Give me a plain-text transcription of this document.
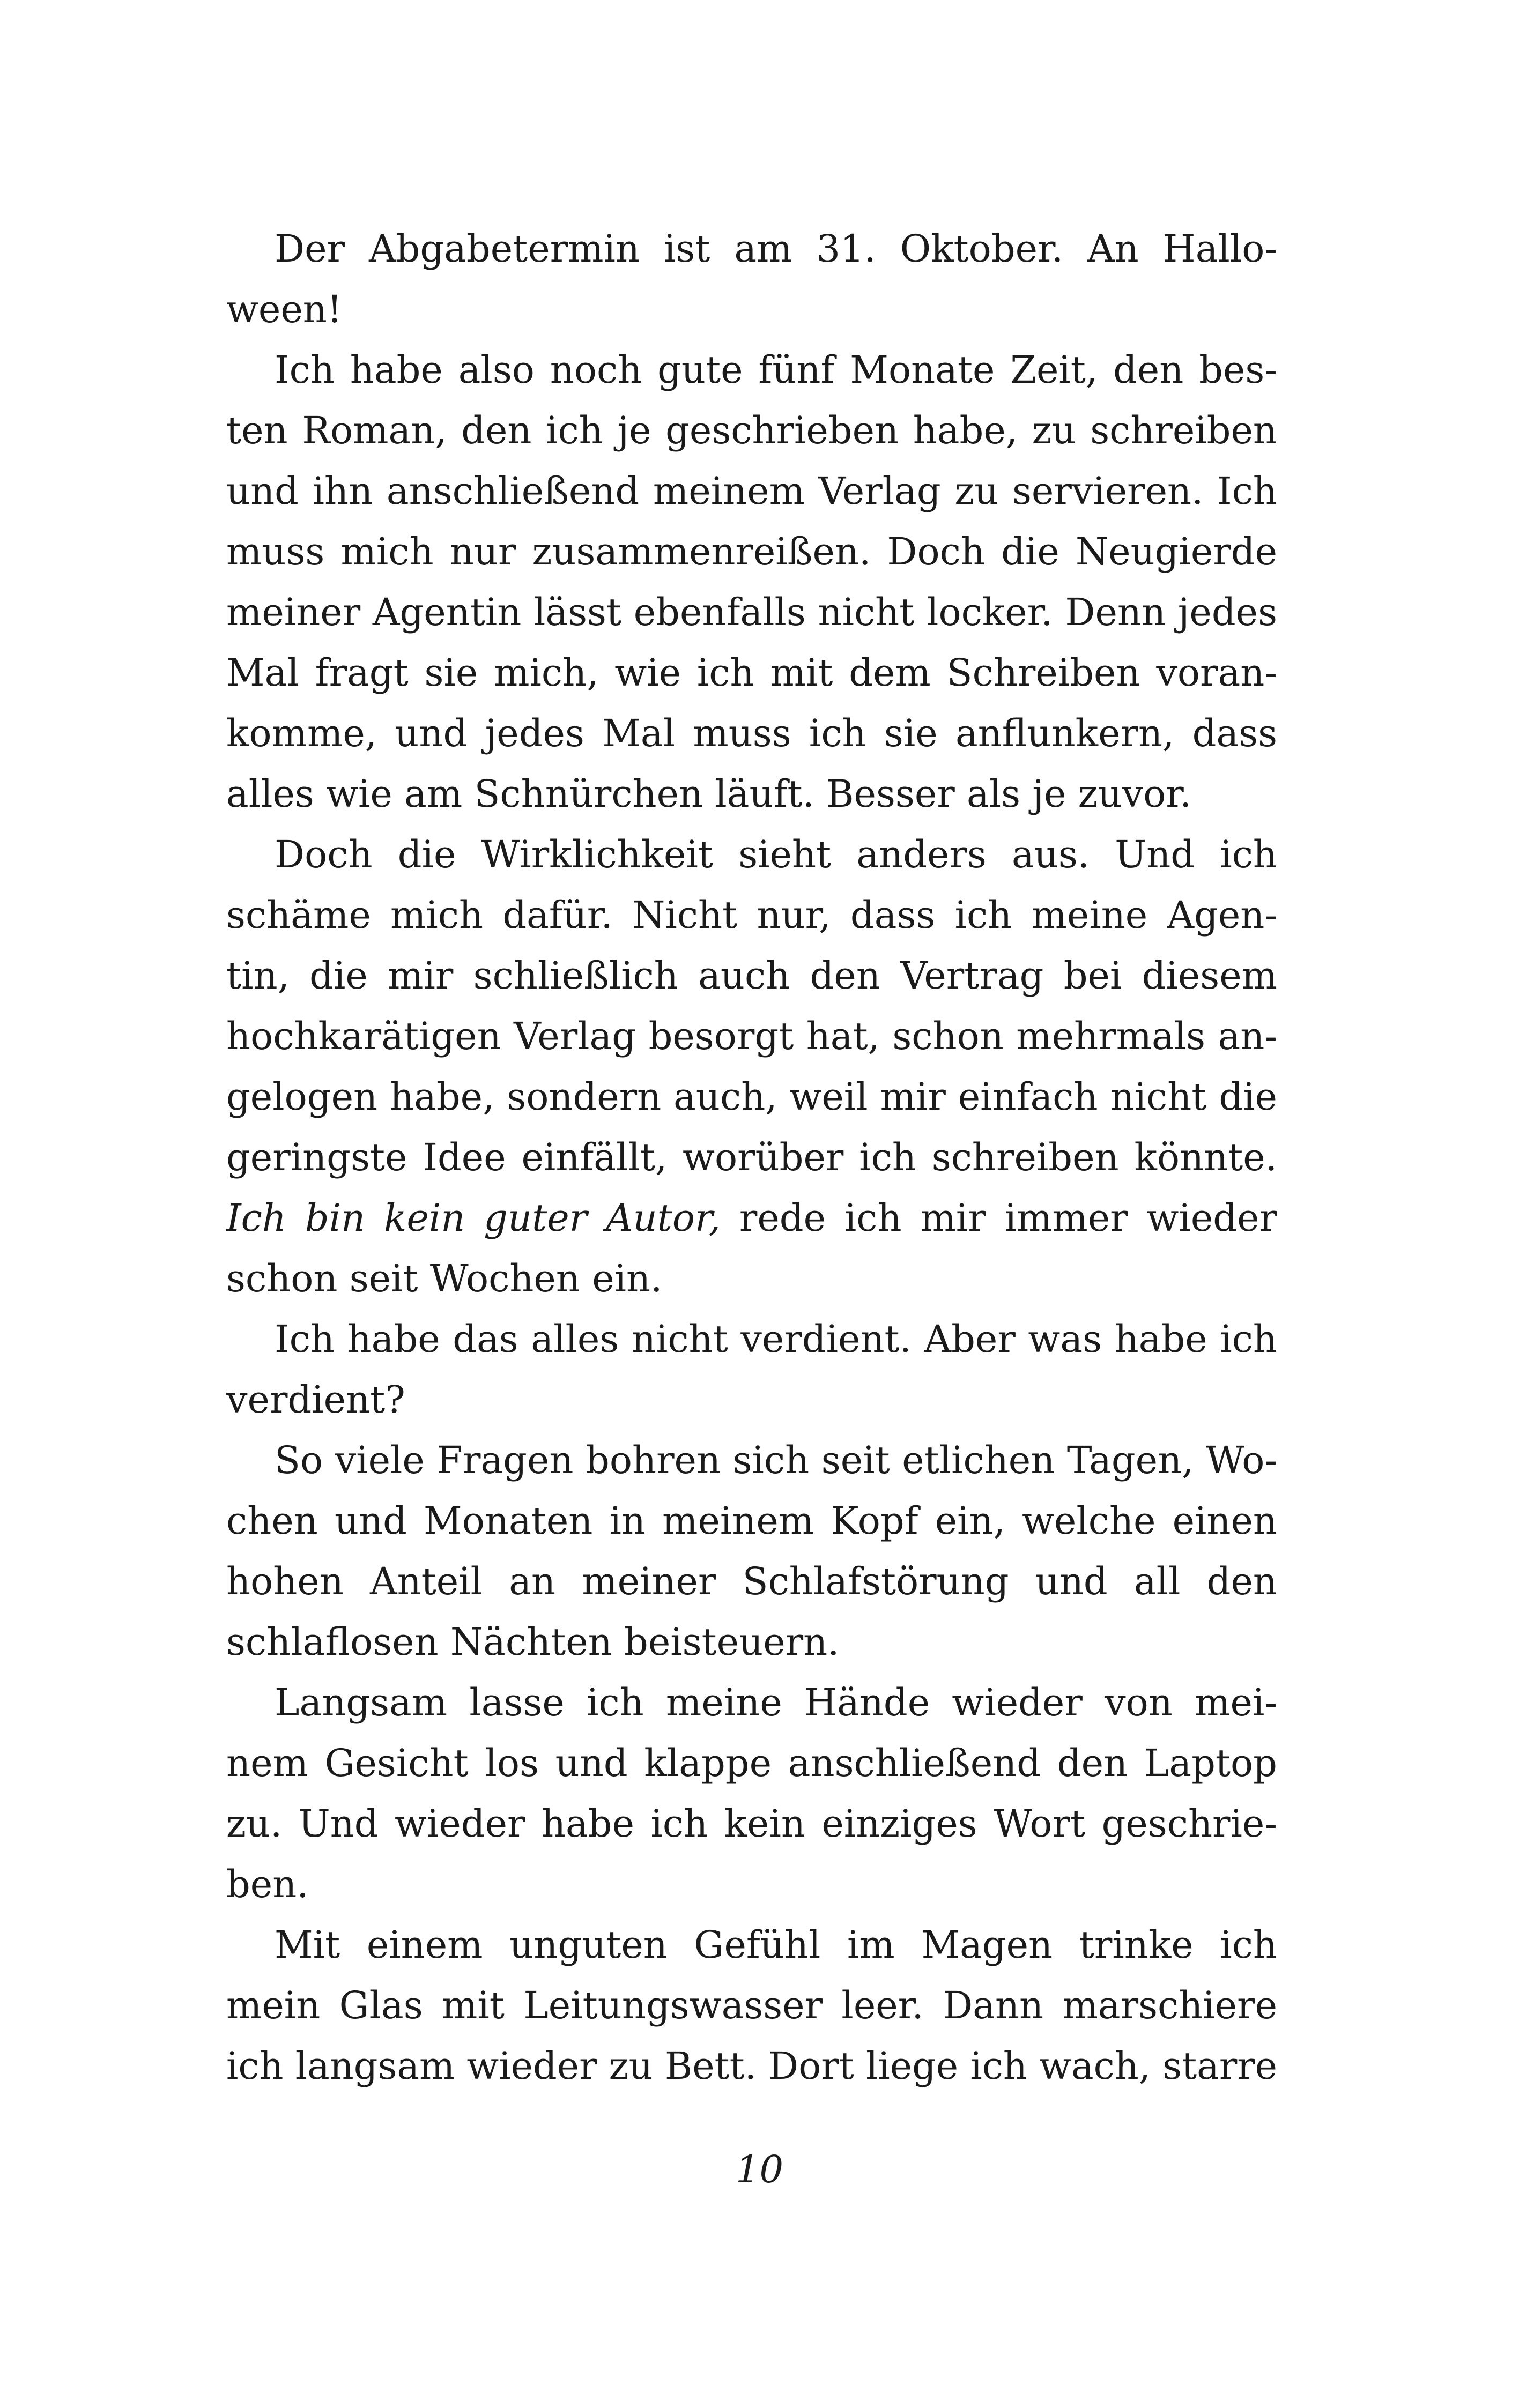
Der Abgabetermin ist am 31. Oktober. An Hallo-
ween!
Ich habe also noch gute fünf Monate Zeit, den bes-
ten Roman, den ich je geschrieben habe, zu schreiben
und ihn anschließend meinem Verlag zu servieren. Ich
muss mich nur zusammenreißen. Doch die Neugierde
meiner Agentin lässt ebenfalls nicht locker. Denn jedes
Mal fragt sie mich, wie ich mit dem Schreiben voran-
komme, und jedes Mal muss ich sie anflunkern, dass
alles wie am Schnürchen läuft. Besser als je zuvor.
Doch die Wirklichkeit sieht anders aus. Und ich
schäme mich dafür. Nicht nur, dass ich meine Agen-
tin, die mir schließlich auch den Vertrag bei diesem
hochkarätigen Verlag besorgt hat, schon mehrmals an-
gelogen habe, sondern auch, weil mir einfach nicht die
geringste Idee einfällt, worüber ich schreiben könnte.
Ich bin kein guter Autor, rede ich mir immer wieder
schon seit Wochen ein.
Ich habe das alles nicht verdient. Aber was habe ich
verdient?
So viele Fragen bohren sich seit etlichen Tagen, Wo-
chen und Monaten in meinem Kopf ein, welche einen
hohen Anteil an meiner Schlafstörung und all den
schlaflosen Nächten beisteuern.
Langsam lasse ich meine Hände wieder von mei-
nem Gesicht los und klappe anschließend den Laptop
zu. Und wieder habe ich kein einziges Wort geschrie-
ben.
Mit einem unguten Gefühl im Magen trinke ich
mein Glas mit Leitungswasser leer. Dann marschiere
ich langsam wieder zu Bett. Dort liege ich wach, starre
10
